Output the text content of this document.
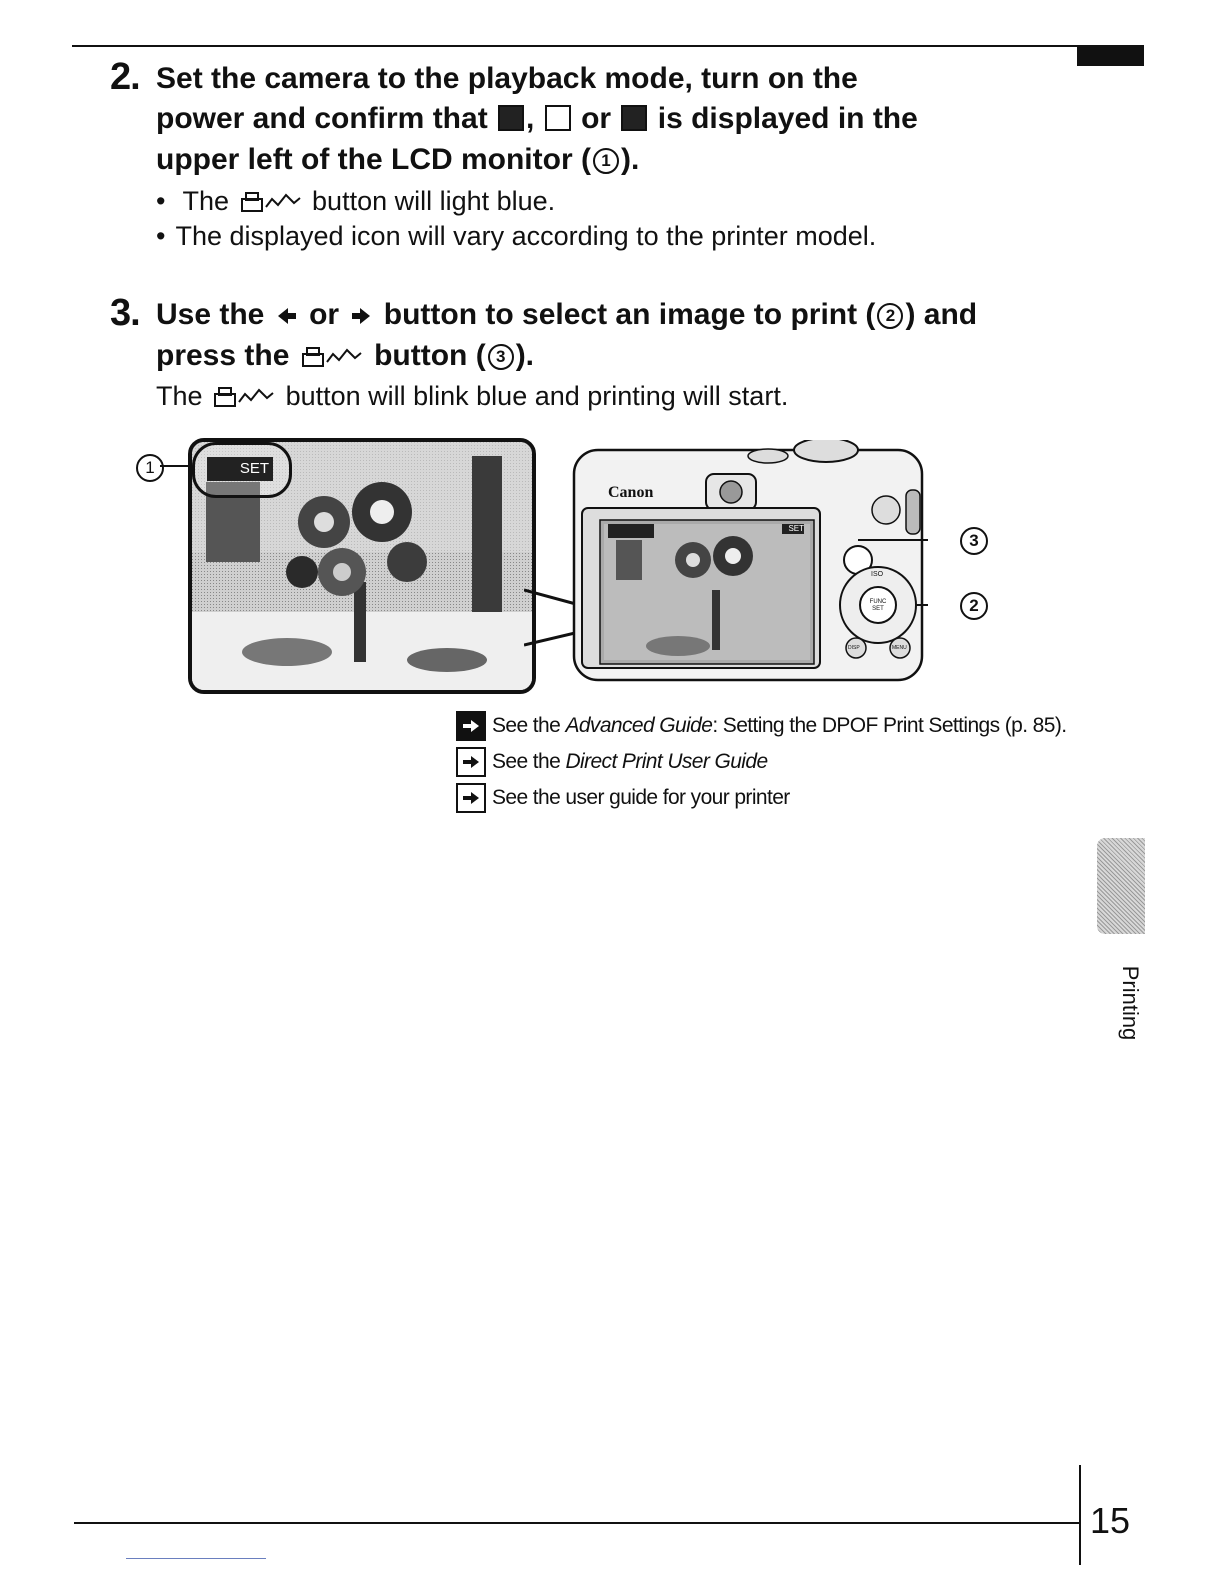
2. Set the camera to the playback mode, turn on the
power and confirm that , or is displayed in the
upper left of the LCD monitor ( 1 ).
• The	button will light blue.
• The displayed icon will vary according to the printer model.
3. Use the or button to select an image to print ( 2 ) and
press the	button ( 3 ).
The	button will blink blue and printing will start.
1	SET
Canon
ISO
FUNC SET
DISP	MENU
SET
3
2
See the Advanced Guide: Setting the DPOF Print Settings (p. 85).
See the Direct Print User Guide
See the user guide for your printer
Printing
15
